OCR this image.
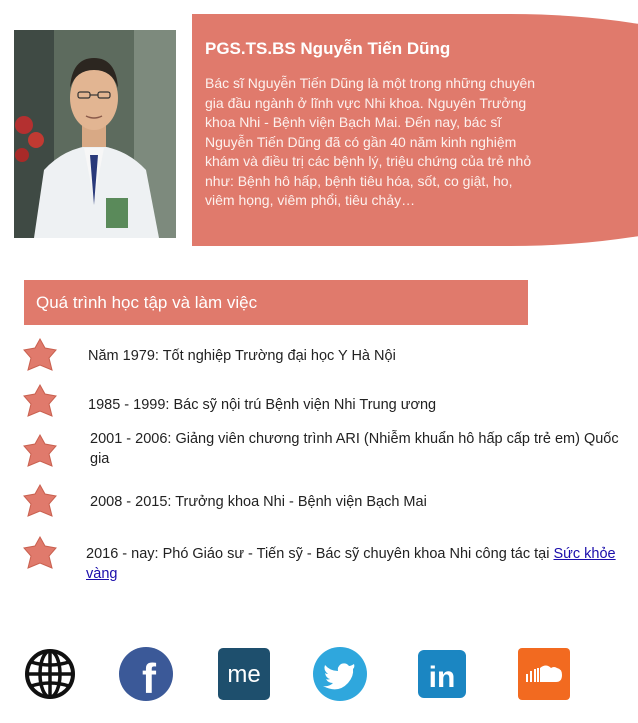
PGS.TS.BS Nguyễn Tiến Dũng

Bác sĩ Nguyễn Tiến Dũng là một trong những chuyên gia đầu ngành ở lĩnh vực Nhi khoa. Nguyên Trưởng khoa Nhi - Bệnh viện Bạch Mai. Đến nay, bác sĩ Nguyễn Tiến Dũng đã có gần 40 năm kinh nghiệm khám và điều trị các bệnh lý, triệu chứng của trẻ nhỏ như: Bệnh hô hấp, bệnh tiêu hóa, sốt, co giật, ho, viêm họng, viêm phổi, tiêu chảy…

Quá trình học tập và làm việc
Năm 1979: Tốt nghiệp Trường đại học Y Hà Nội
1985 - 1999: Bác sỹ nội trú Bệnh viện Nhi Trung ương
2001 - 2006: Giảng viên chương trình ARI (Nhiễm khuẩn hô hấp cấp trẻ em) Quốc gia
2008 - 2015: Trưởng khoa Nhi - Bệnh viện Bạch Mai
2016 - nay: Phó Giáo sư - Tiến sỹ - Bác sỹ chuyên khoa Nhi công tác tại Sức khỏe vàng
f	me	in
